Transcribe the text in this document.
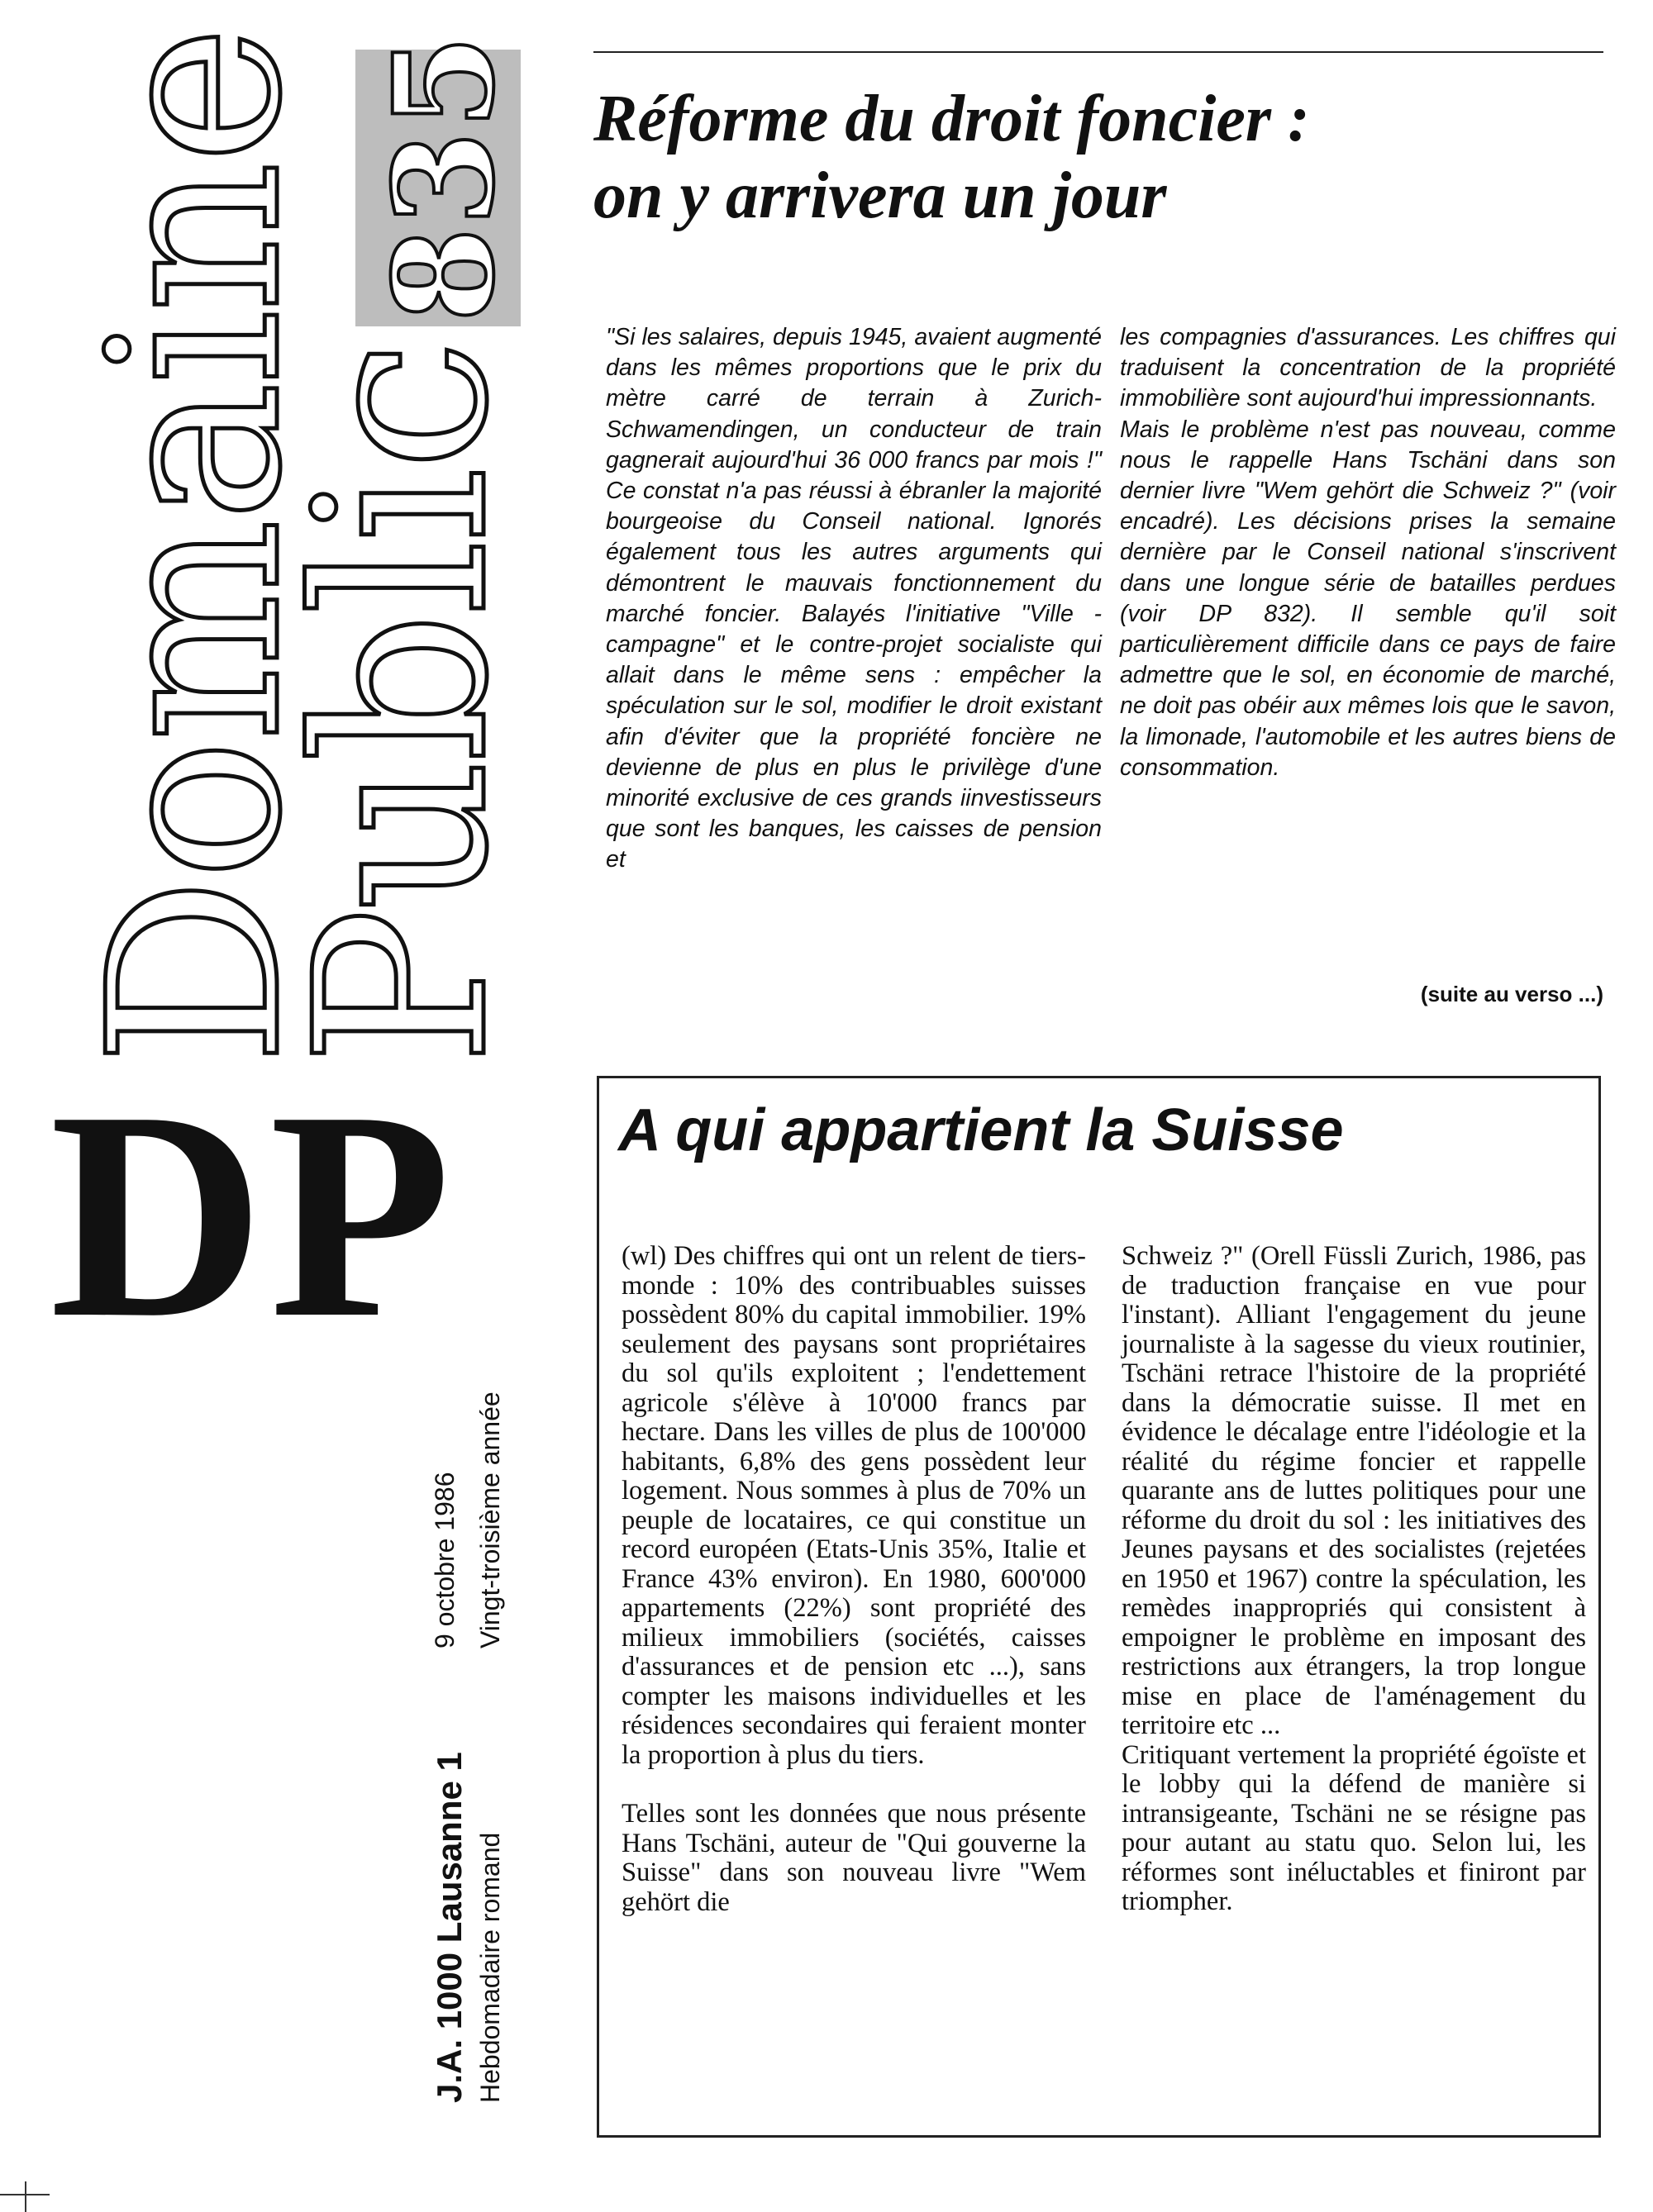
Domaine
Public
835
DP
J.A. 1000 Lausanne 1 Hebdomadaire romand
9 octobre 1986 Vingt-troisième année
Réforme du droit foncier :
on y arrivera un jour

"Si les salaires, depuis 1945, avaient augmenté dans les mêmes proportions que le prix du mètre carré de terrain à Zurich-Schwamendingen, un conducteur de train gagnerait aujourd'hui 36 000 francs par mois !" Ce constat n'a pas réussi à ébranler la majorité bourgeoise du Conseil national. Ignorés également tous les autres arguments qui démontrent le mauvais fonctionnement du marché foncier. Balayés l'initiative "Ville - campagne" et le contre-projet socialiste qui allait dans le même sens : empêcher la spéculation sur le sol, modifier le droit existant afin d'éviter que la propriété foncière ne devienne de plus en plus le privilège d'une minorité exclusive de ces grands iinvestisseurs que sont les banques, les caisses de pension et

les compagnies d'assurances. Les chiffres qui traduisent la concentration de la propriété immobilière sont aujourd'hui impressionnants.

Mais le problème n'est pas nouveau, comme nous le rappelle Hans Tschäni dans son dernier livre "Wem gehört die Schweiz ?" (voir encadré). Les décisions prises la semaine dernière par le Conseil national s'inscrivent dans une longue série de batailles perdues (voir DP 832). Il semble qu'il soit particulièrement difficile dans ce pays de faire admettre que le sol, en économie de marché, ne doit pas obéir aux mêmes lois que le savon, la limonade, l'automobile et les autres biens de consommation.

(suite au verso ...)
A qui appartient la Suisse

(wl) Des chiffres qui ont un relent de tiers-monde : 10% des contribuables suisses possèdent 80% du capital immobilier. 19% seulement des paysans sont propriétaires du sol qu'ils exploitent ; l'endettement agricole s'élève à 10'000 francs par hectare. Dans les villes de plus de 100'000 habitants, 6,8% des gens possèdent leur logement. Nous sommes à plus de 70% un peuple de locataires, ce qui constitue un record européen (Etats-Unis 35%, Italie et France 43% environ). En 1980, 600'000 appartements (22%) sont propriété des milieux immobiliers (sociétés, caisses d'assurances et de pension etc ...), sans compter les maisons individuelles et les résidences secondaires qui feraient monter la proportion à plus du tiers.

Telles sont les données que nous présente Hans Tschäni, auteur de "Qui gouverne la Suisse" dans son nouveau livre "Wem gehört die

Schweiz ?" (Orell Füssli Zurich, 1986, pas de traduction française en vue pour l'instant). Alliant l'engagement du jeune journaliste à la sagesse du vieux routinier, Tschäni retrace l'histoire de la propriété dans la démocratie suisse. Il met en évidence le décalage entre l'idéologie et la réalité du régime foncier et rappelle quarante ans de luttes politiques pour une réforme du droit du sol : les initiatives des Jeunes paysans et des socialistes (rejetées en 1950 et 1967) contre la spéculation, les remèdes inappropriés qui consistent à empoigner le problème en imposant des restrictions aux étrangers, la trop longue mise en place de l'aménagement du territoire etc ...

Critiquant vertement la propriété égoïste et le lobby qui la défend de manière si intransigeante, Tschäni ne se résigne pas pour autant au statu quo. Selon lui, les réformes sont inéluctables et finiront par triompher.
